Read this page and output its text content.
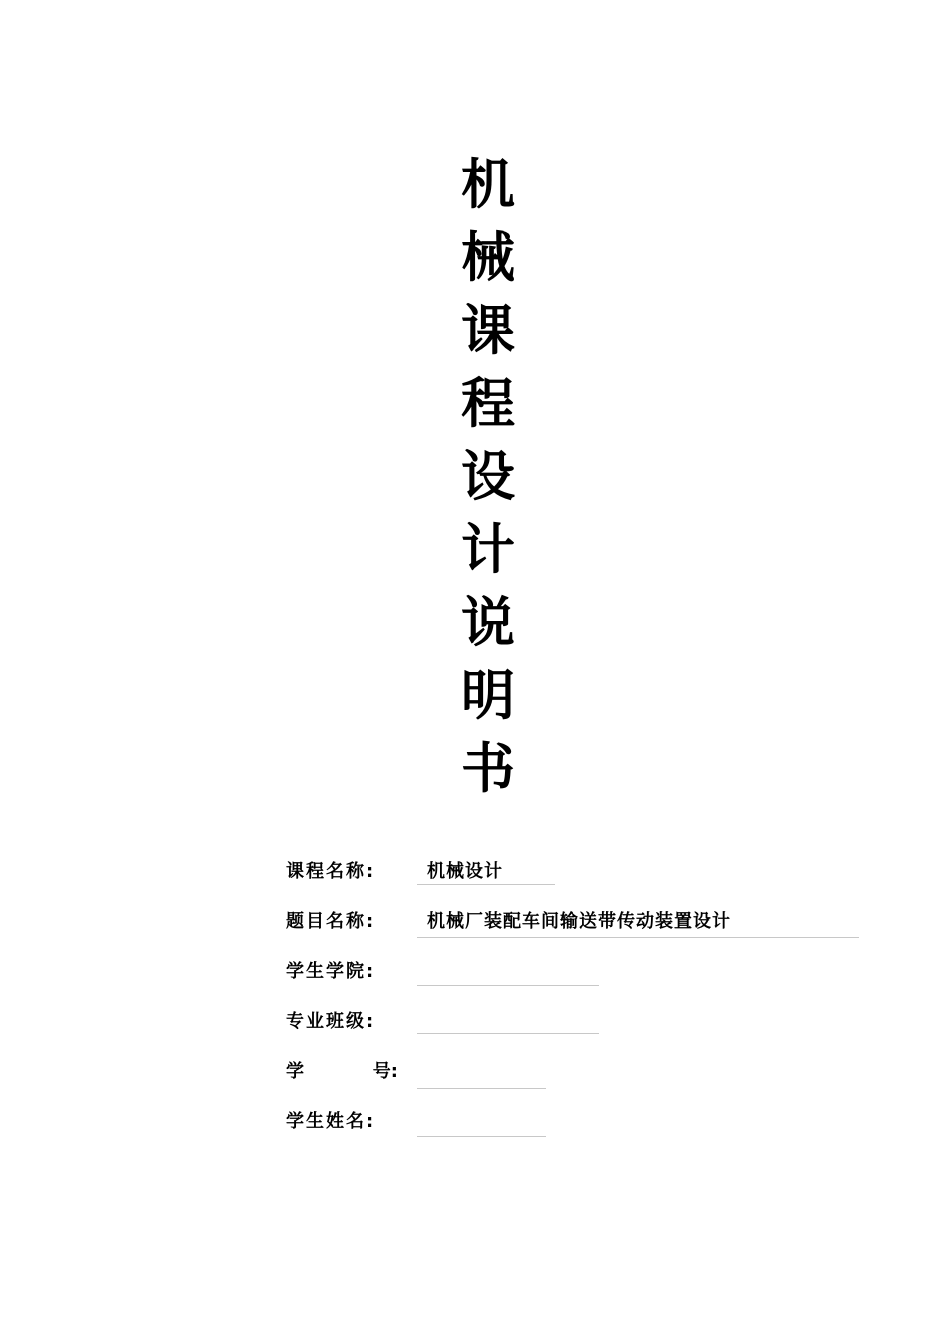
机
械
课
程
设
计
说
明
书
课程名称:	机械设计
题目名称:	机械厂装配车间输送带传动装置设计
学生学院:
专业班级:
学	号:
学生姓名:
